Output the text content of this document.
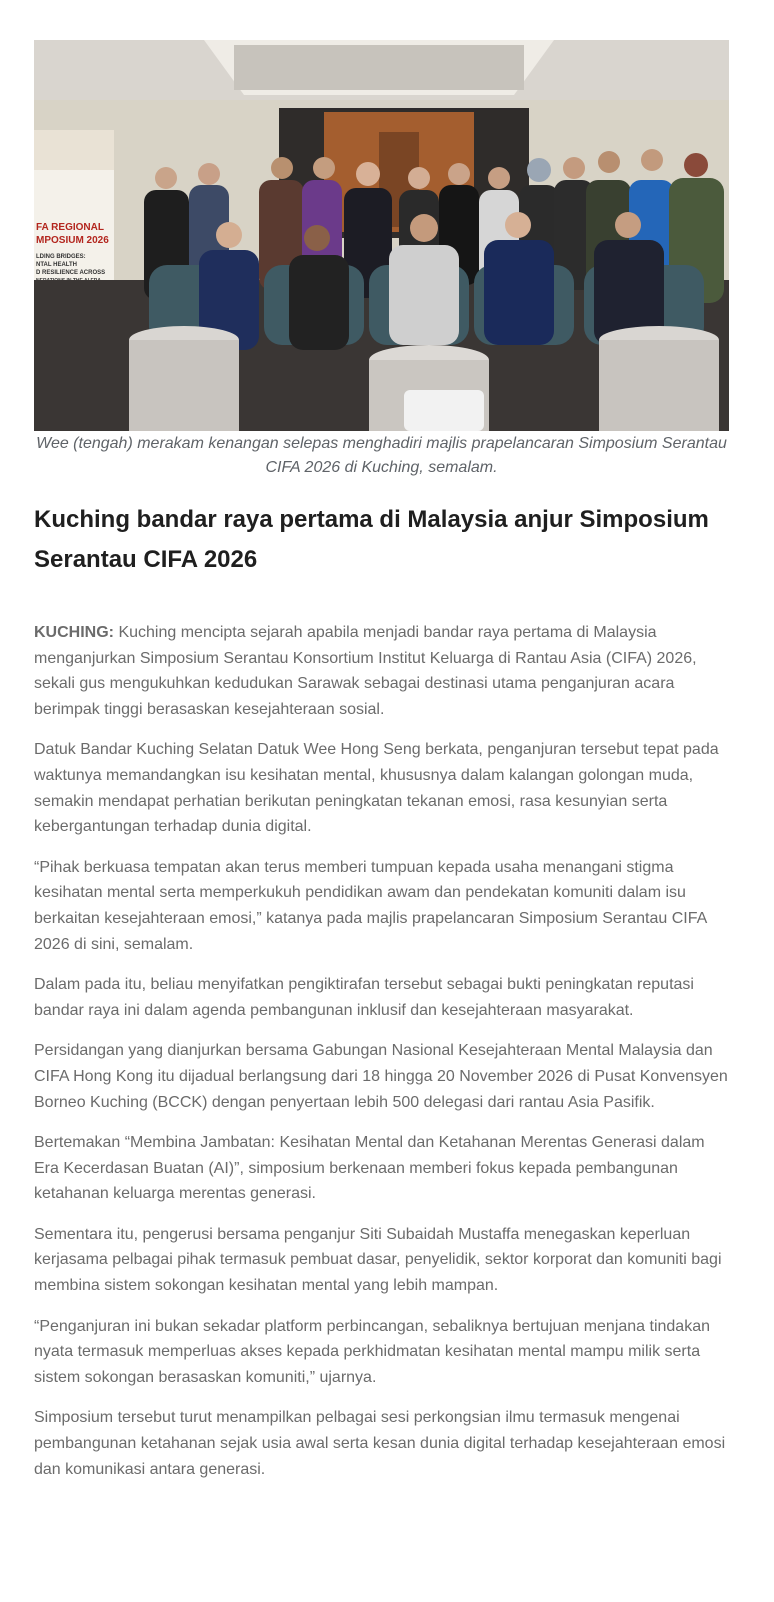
FA REGIONAL
MPOSIUM 2026
LDING BRIDGES:
NTAL HEALTH
D RESILIENCE ACROSS

Wee (tengah) merakam kenangan selepas menghadiri majlis prapelancaran Simposium Serantau CIFA 2026 di Kuching, semalam.

Kuching bandar raya pertama di Malaysia anjur Simposium Serantau CIFA 2026

KUCHING: Kuching mencipta sejarah apabila menjadi bandar raya pertama di Malaysia menganjurkan Simposium Serantau Konsortium Institut Keluarga di Rantau Asia (CIFA) 2026, sekali gus mengukuhkan kedudukan Sarawak sebagai destinasi utama penganjuran acara berimpak tinggi berasaskan kesejahteraan sosial.

Datuk Bandar Kuching Selatan Datuk Wee Hong Seng berkata, penganjuran tersebut tepat pada waktunya memandangkan isu kesihatan mental, khususnya dalam kalangan golongan muda, semakin mendapat perhatian berikutan peningkatan tekanan emosi, rasa kesunyian serta kebergantungan terhadap dunia digital.

“Pihak berkuasa tempatan akan terus memberi tumpuan kepada usaha menangani stigma kesihatan mental serta memperkukuh pendidikan awam dan pendekatan komuniti dalam isu berkaitan kesejahteraan emosi,” katanya pada majlis prapelancaran Simposium Serantau CIFA 2026 di sini, semalam.

Dalam pada itu, beliau menyifatkan pengiktirafan tersebut sebagai bukti peningkatan reputasi bandar raya ini dalam agenda pembangunan inklusif dan kesejahteraan masyarakat.

Persidangan yang dianjurkan bersama Gabungan Nasional Kesejahteraan Mental Malaysia dan CIFA Hong Kong itu dijadual berlangsung dari 18 hingga 20 November 2026 di Pusat Konvensyen Borneo Kuching (BCCK) dengan penyertaan lebih 500 delegasi dari rantau Asia Pasifik.

Bertemakan “Membina Jambatan: Kesihatan Mental dan Ketahanan Merentas Generasi dalam Era Kecerdasan Buatan (AI)”, simposium berkenaan memberi fokus kepada pembangunan ketahanan keluarga merentas generasi.

Sementara itu, pengerusi bersama penganjur Siti Subaidah Mustaffa menegaskan keperluan kerjasama pelbagai pihak termasuk pembuat dasar, penyelidik, sektor korporat dan komuniti bagi membina sistem sokongan kesihatan mental yang lebih mampan.

“Penganjuran ini bukan sekadar platform perbincangan, sebaliknya bertujuan menjana tindakan nyata termasuk memperluas akses kepada perkhidmatan kesihatan mental mampu milik serta sistem sokongan berasaskan komuniti,” ujarnya.

Simposium tersebut turut menampilkan pelbagai sesi perkongsian ilmu termasuk mengenai pembangunan ketahanan sejak usia awal serta kesan dunia digital terhadap kesejahteraan emosi dan komunikasi antara generasi.
